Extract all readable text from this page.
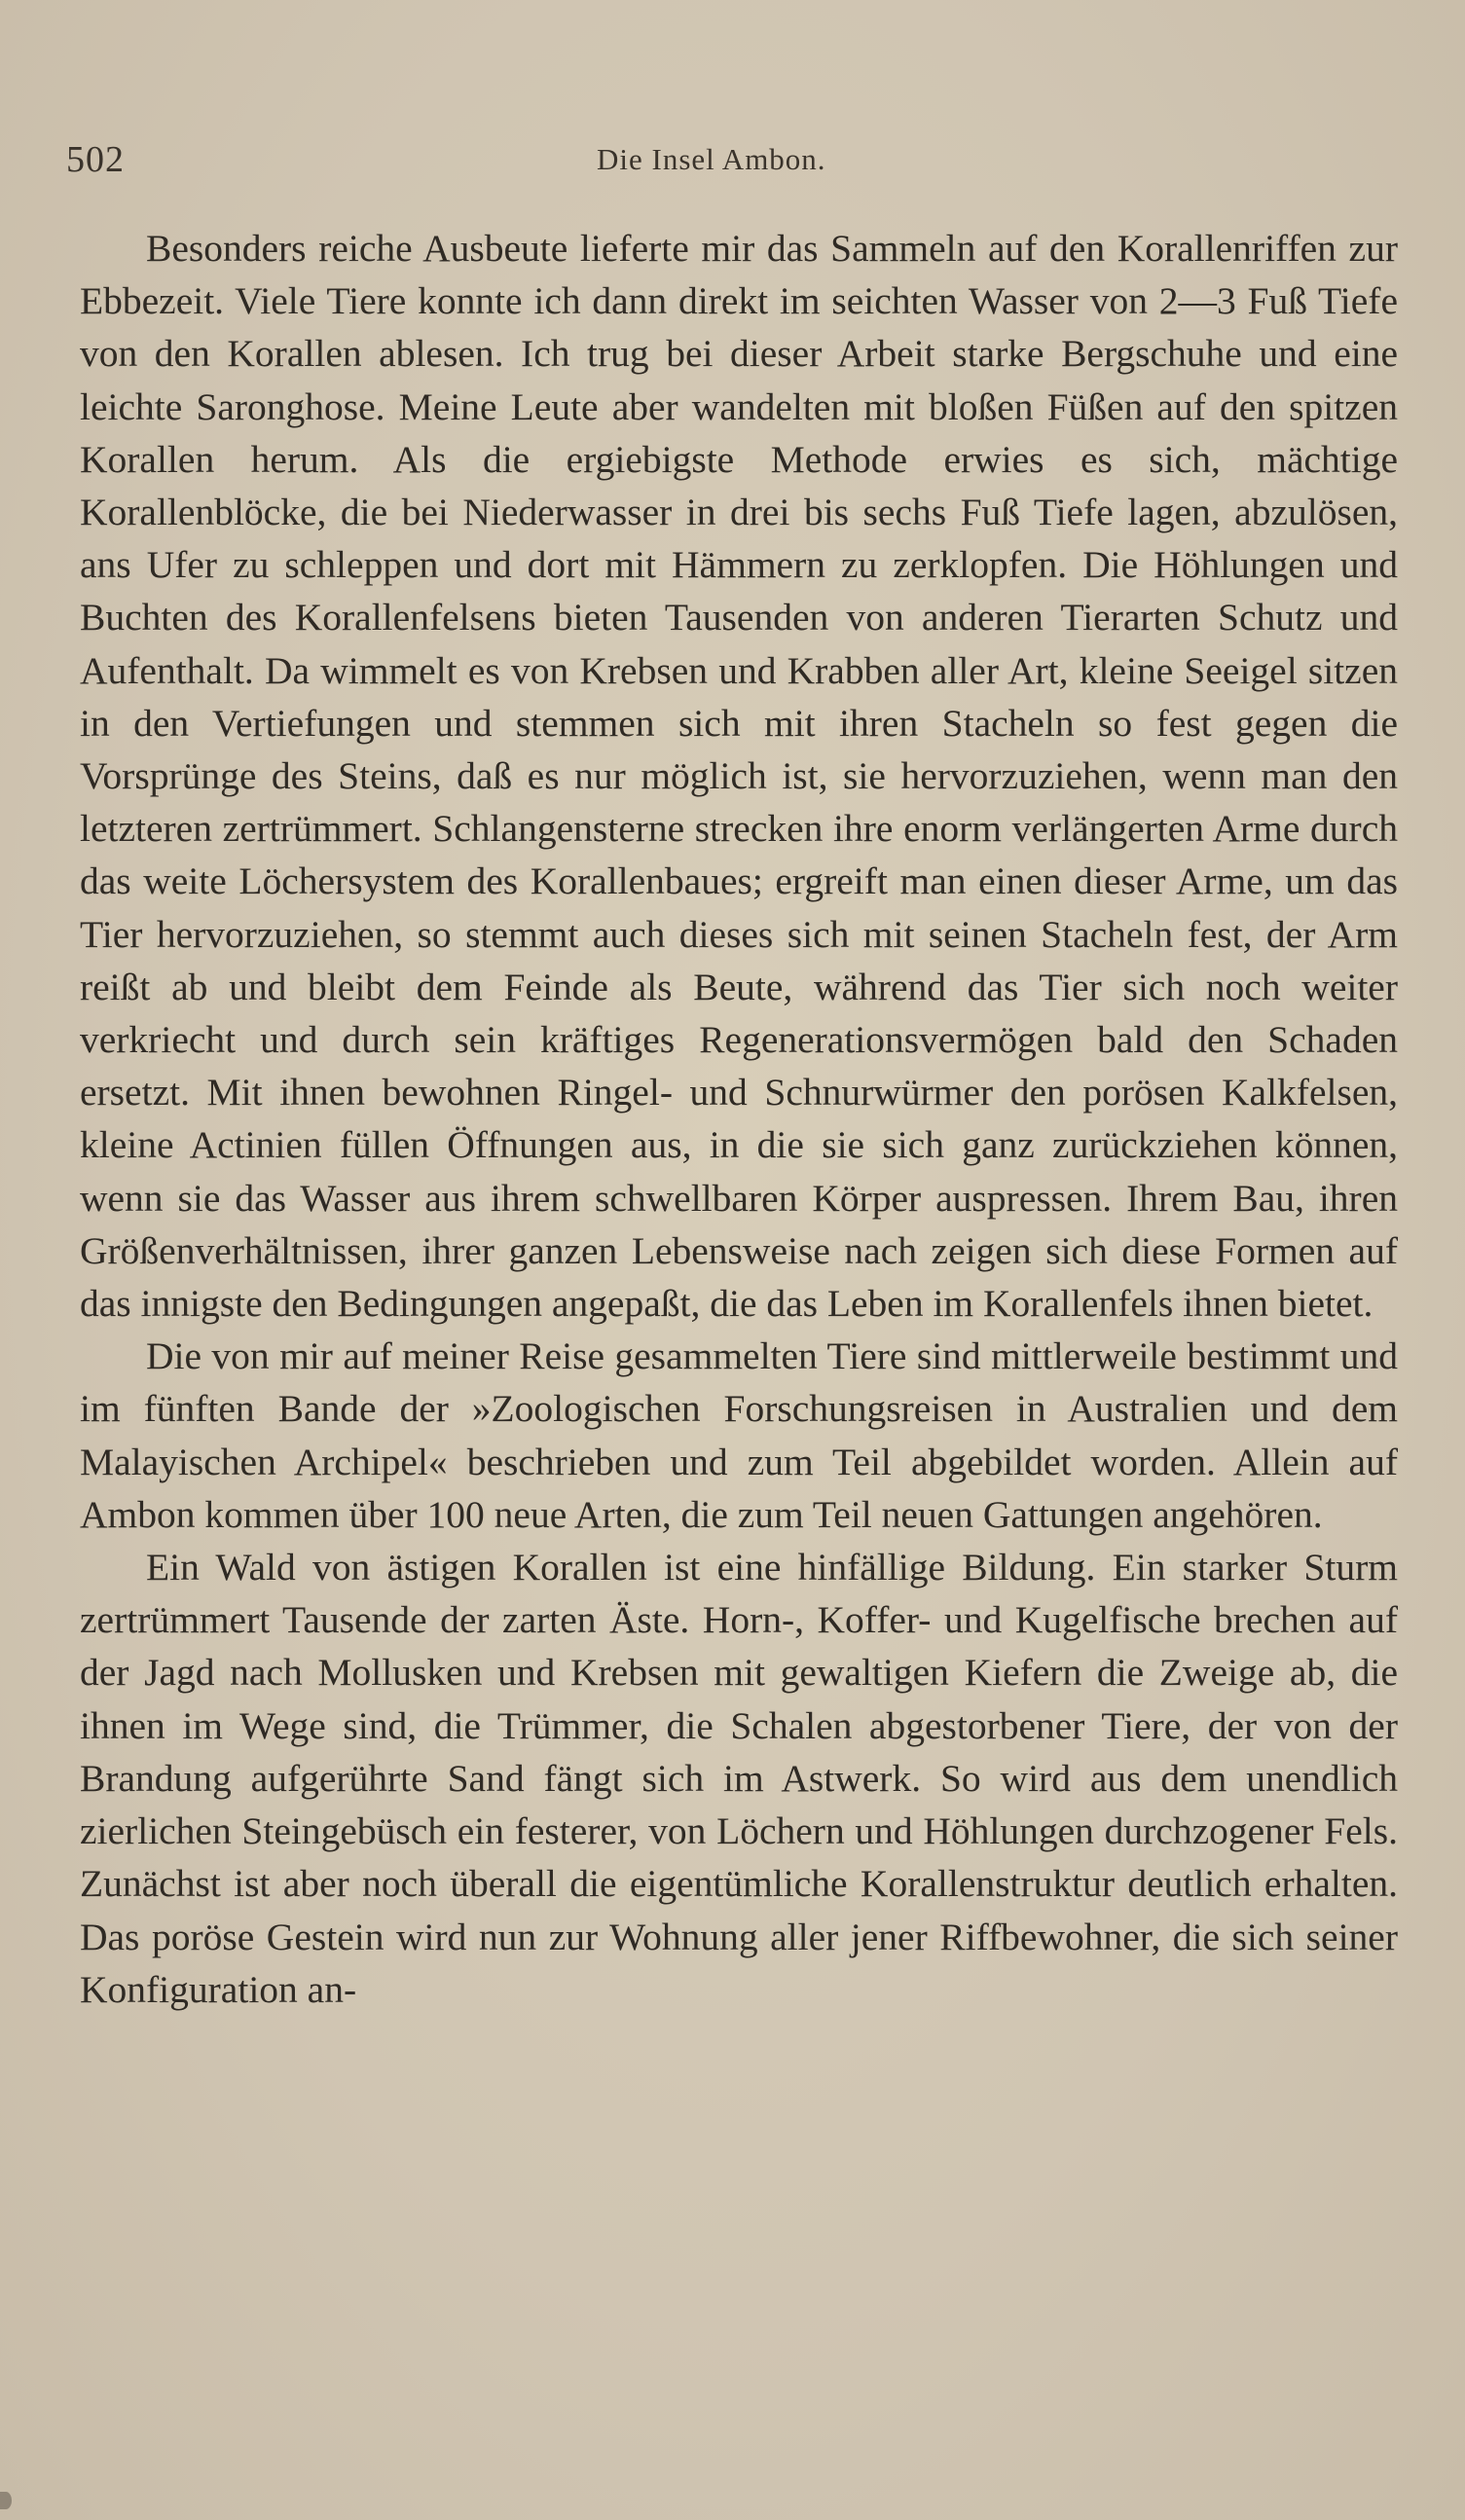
502	Die Insel Ambon.

Besonders reiche Ausbeute lieferte mir das Sammeln auf den Korallenriffen zur Ebbezeit. Viele Tiere konnte ich dann direkt im seichten Wasser von 2—3 Fuß Tiefe von den Korallen ablesen. Ich trug bei dieser Arbeit starke Bergschuhe und eine leichte Saronghose. Meine Leute aber wandelten mit bloßen Füßen auf den spitzen Korallen herum. Als die ergiebigste Methode erwies es sich, mächtige Korallenblöcke, die bei Niederwasser in drei bis sechs Fuß Tiefe lagen, abzulösen, ans Ufer zu schleppen und dort mit Hämmern zu zerklopfen. Die Höhlungen und Buchten des Korallenfelsens bieten Tausenden von anderen Tierarten Schutz und Aufenthalt. Da wimmelt es von Krebsen und Krabben aller Art, kleine Seeigel sitzen in den Vertiefungen und stemmen sich mit ihren Stacheln so fest gegen die Vorsprünge des Steins, daß es nur möglich ist, sie hervorzuziehen, wenn man den letzteren zertrümmert. Schlangensterne strecken ihre enorm verlängerten Arme durch das weite Löchersystem des Korallenbaues; ergreift man einen dieser Arme, um das Tier hervorzuziehen, so stemmt auch dieses sich mit seinen Stacheln fest, der Arm reißt ab und bleibt dem Feinde als Beute, während das Tier sich noch weiter verkriecht und durch sein kräftiges Regenerationsvermögen bald den Schaden ersetzt. Mit ihnen bewohnen Ringel- und Schnurwürmer den porösen Kalkfelsen, kleine Actinien füllen Öffnungen aus, in die sie sich ganz zurückziehen können, wenn sie das Wasser aus ihrem schwellbaren Körper auspressen. Ihrem Bau, ihren Größenverhältnissen, ihrer ganzen Lebensweise nach zeigen sich diese Formen auf das innigste den Bedingungen angepaßt, die das Leben im Korallenfels ihnen bietet.

Die von mir auf meiner Reise gesammelten Tiere sind mittlerweile bestimmt und im fünften Bande der »Zoologischen Forschungsreisen in Australien und dem Malayischen Archipel« beschrieben und zum Teil abgebildet worden. Allein auf Ambon kommen über 100 neue Arten, die zum Teil neuen Gattungen angehören.

Ein Wald von ästigen Korallen ist eine hinfällige Bildung. Ein starker Sturm zertrümmert Tausende der zarten Äste. Horn-, Koffer- und Kugelfische brechen auf der Jagd nach Mollusken und Krebsen mit gewaltigen Kiefern die Zweige ab, die ihnen im Wege sind, die Trümmer, die Schalen abgestorbener Tiere, der von der Brandung aufgerührte Sand fängt sich im Astwerk. So wird aus dem unendlich zierlichen Steingebüsch ein festerer, von Löchern und Höhlungen durchzogener Fels. Zunächst ist aber noch überall die eigentümliche Korallenstruktur deutlich erhalten. Das poröse Gestein wird nun zur Wohnung aller jener Riffbewohner, die sich seiner Konfiguration an-
